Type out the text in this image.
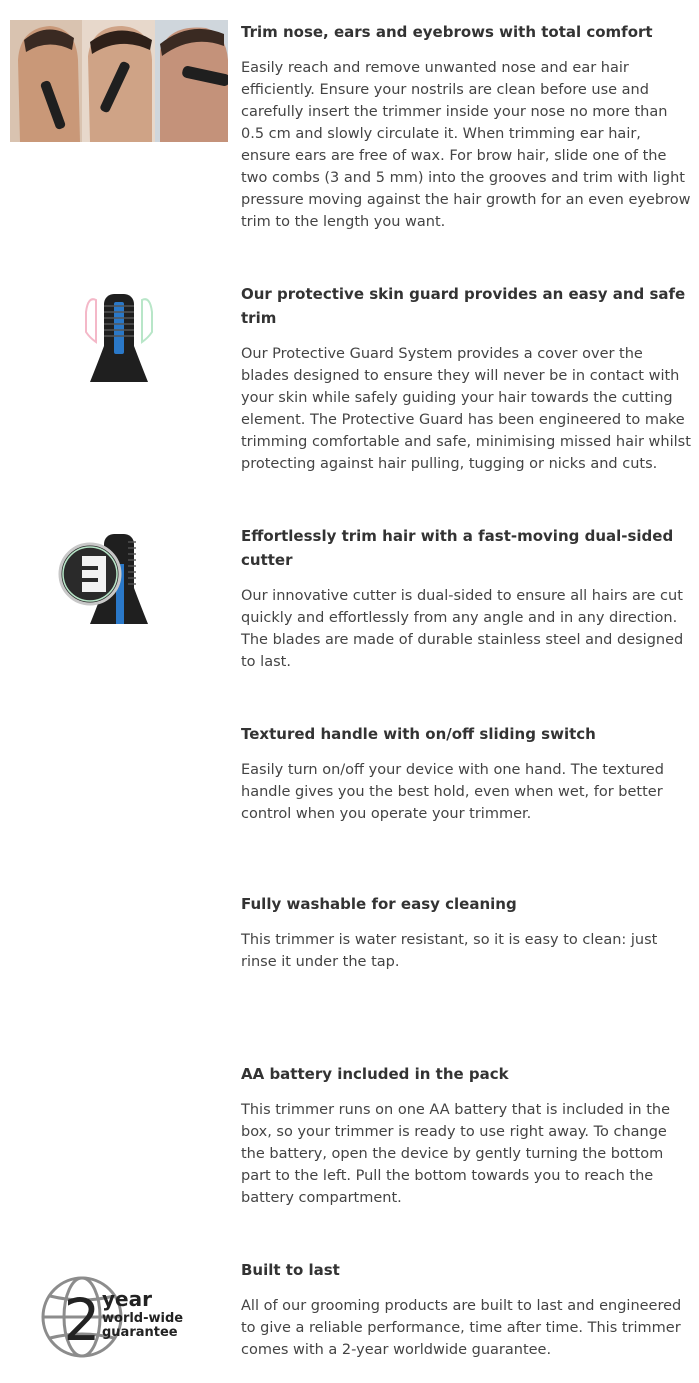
Trim nose, ears and eyebrows with total comfort

Easily reach and remove unwanted nose and ear hair efficiently. Ensure your nostrils are clean before use and carefully insert the trimmer inside your nose no more than 0.5 cm and slowly circulate it. When trimming ear hair, ensure ears are free of wax. For brow hair, slide one of the two combs (3 and 5 mm) into the grooves and trim with light pressure moving against the hair growth for an even eyebrow trim to the length you want.

Our protective skin guard provides an easy and safe trim

Our Protective Guard System provides a cover over the blades designed to ensure they will never be in contact with your skin while safely guiding your hair towards the cutting element. The Protective Guard has been engineered to make trimming comfortable and safe, minimising missed hair whilst protecting against hair pulling, tugging or nicks and cuts.

Effortlessly trim hair with a fast-moving dual-sided cutter

Our innovative cutter is dual-sided to ensure all hairs are cut quickly and effortlessly from any angle and in any direction. The blades are made of durable stainless steel and designed to last.

Textured handle with on/off sliding switch

Easily turn on/off your device with one hand. The textured handle gives you the best hold, even when wet, for better control when you operate your trimmer.

Fully washable for easy cleaning

This trimmer is water resistant, so it is easy to clean: just rinse it under the tap.

AA battery included in the pack

This trimmer runs on one AA battery that is included in the box, so your trimmer is ready to use right away. To change the battery, open the device by gently turning the bottom part to the left. Pull the bottom towards you to reach the battery compartment.

2 year
world-wide
guarantee
Built to last

All of our grooming products are built to last and engineered to give a reliable performance, time after time. This trimmer comes with a 2-year worldwide guarantee.
